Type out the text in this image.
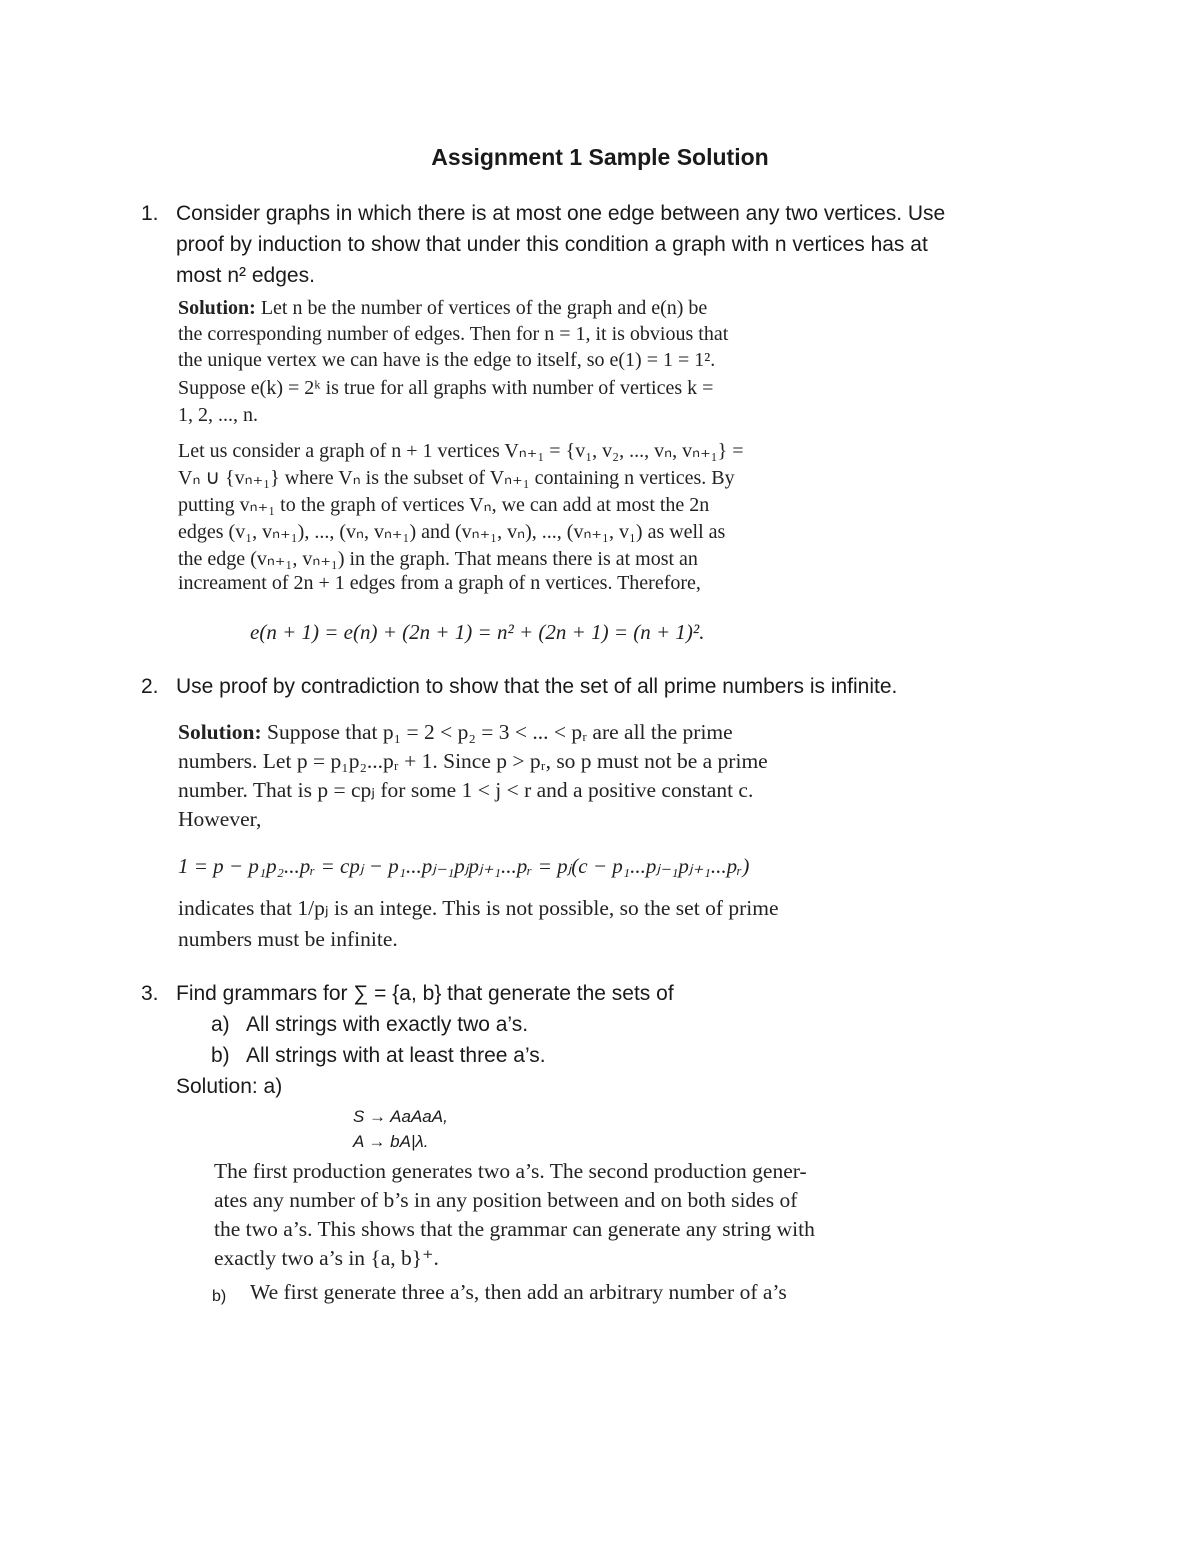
Assignment 1 Sample Solution
1. Consider graphs in which there is at most one edge between any two vertices. Use
proof by induction to show that under this condition a graph with n vertices has at
most n² edges.
Solution: Let n be the number of vertices of the graph and e(n) be
the corresponding number of edges. Then for n = 1, it is obvious that
the unique vertex we can have is the edge to itself, so e(1) = 1 = 1².
Suppose e(k) = 2ᵏ is true for all graphs with number of vertices k =
1, 2, ..., n.
Let us consider a graph of n + 1 vertices Vₙ₊₁ = {v₁, v₂, ..., vₙ, vₙ₊₁} =
Vₙ ∪ {vₙ₊₁} where Vₙ is the subset of Vₙ₊₁ containing n vertices. By
putting vₙ₊₁ to the graph of vertices Vₙ, we can add at most the 2n
edges (v₁, vₙ₊₁), ..., (vₙ, vₙ₊₁) and (vₙ₊₁, vₙ), ..., (vₙ₊₁, v₁) as well as
the edge (vₙ₊₁, vₙ₊₁) in the graph. That means there is at most an
increament of 2n + 1 edges from a graph of n vertices. Therefore,
e(n + 1) = e(n) + (2n + 1) = n² + (2n + 1) = (n + 1)².
2. Use proof by contradiction to show that the set of all prime numbers is infinite.
Solution: Suppose that p₁ = 2 < p₂ = 3 < ... < pᵣ are all the prime
numbers. Let p = p₁p₂...pᵣ + 1. Since p > pᵣ, so p must not be a prime
number. That is p = cpⱼ for some 1 < j < r and a positive constant c.
However,
1 = p − p₁p₂...pᵣ = cpⱼ − p₁...pⱼ₋₁pⱼpⱼ₊₁...pᵣ = pⱼ(c − p₁...pⱼ₋₁pⱼ₊₁...pᵣ)
indicates that 1/pⱼ is an intege. This is not possible, so the set of prime
numbers must be infinite.
3. Find grammars for ∑ = {a, b} that generate the sets of
a) All strings with exactly two a’s.
b) All strings with at least three a’s.
Solution: a)
S → AaAaA,
A → bA|λ.
The first production generates two a’s. The second production gener-
ates any number of b’s in any position between and on both sides of
the two a’s. This shows that the grammar can generate any string with
exactly two a’s in {a, b}⁺.
b) We first generate three a’s, then add an arbitrary number of a’s
